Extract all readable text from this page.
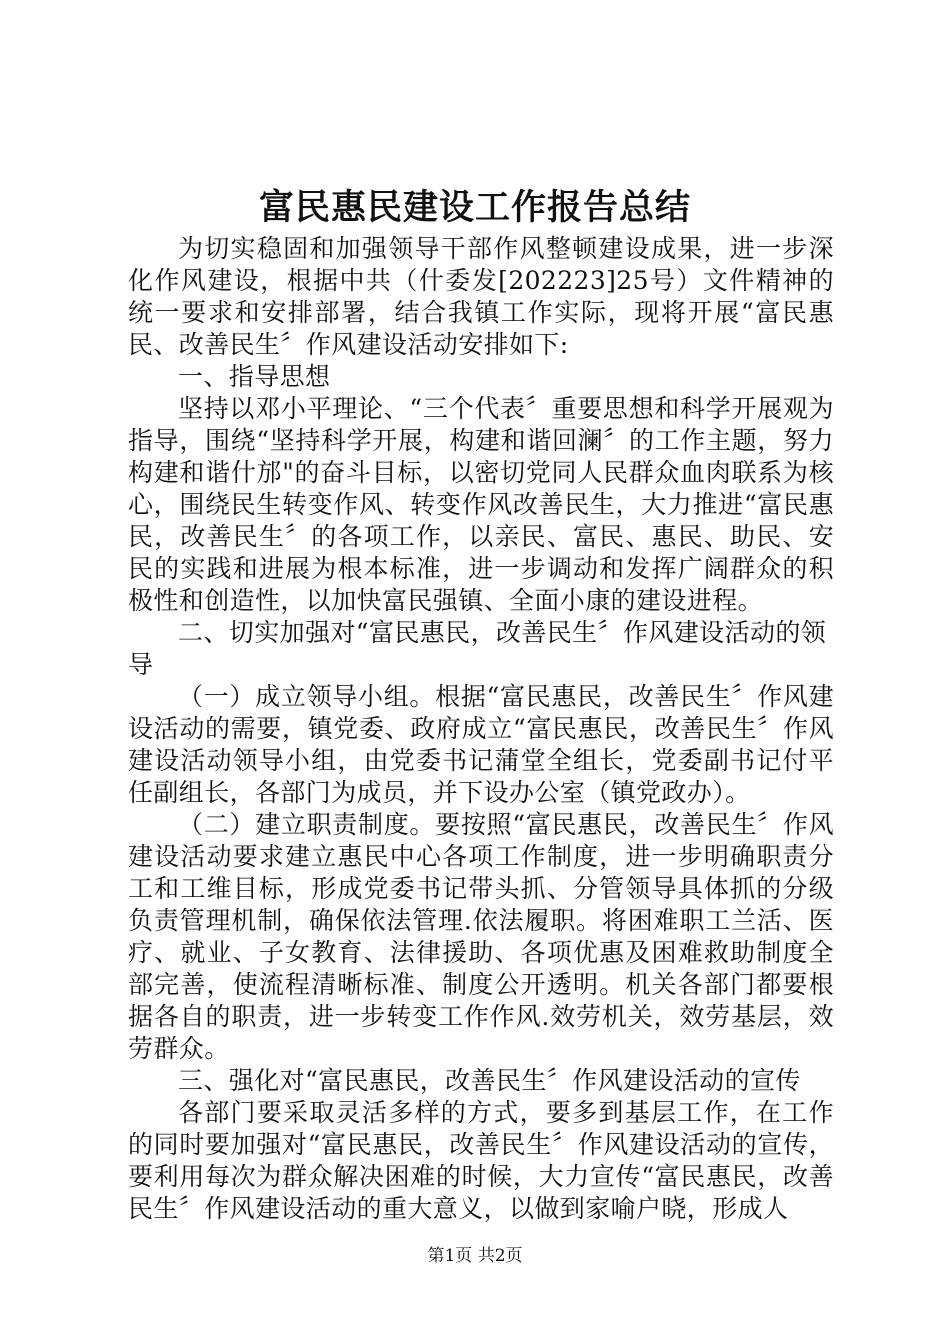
富民惠民建设工作报告总结

为切实稳固和加强领导干部作风整顿建设成果，进一步深化作风建设，根据中共（什委发[202223]25号）文件精神的统一要求和安排部署，结合我镇工作实际，现将开展“富民惠民、改善民生〞作风建设活动安排如下:

一、指导思想

坚持以邓小平理论、“三个代表〞重要思想和科学开展观为指导，围绕“坚持科学开展，构建和谐回澜〞的工作主题，努力构建和谐什邡"的奋斗目标，以密切党同人民群众血肉联系为核心，围绕民生转变作风、转变作风改善民生，大力推进“富民惠民，改善民生〞的各项工作，以亲民、富民、惠民、助民、安民的实践和进展为根本标准，进一步调动和发挥广阔群众的积极性和创造性，以加快富民强镇、全面小康的建设进程。

二、切实加强对“富民惠民，改善民生〞作风建设活动的领导

（一）成立领导小组。根据“富民惠民，改善民生〞作风建设活动的需要，镇党委、政府成立“富民惠民，改善民生〞作风建设活动领导小组，由党委书记蒲堂全组长，党委副书记付平任副组长，各部门为成员，并下设办公室（镇党政办）。

（二）建立职责制度。要按照“富民惠民，改善民生〞作风建设活动要求建立惠民中心各项工作制度，进一步明确职责分工和工维目标，形成党委书记带头抓、分管领导具体抓的分级负责管理机制，确保依法管理.依法履职。将困难职工兰活、医疗、就业、子女教育、法律援助、各项优惠及困难救助制度全部完善，使流程清晰标准、制度公开透明。机关各部门都要根据各自的职责，进一步转变工作作风.效劳机关，效劳基层，效劳群众。

三、强化对“富民惠民，改善民生〞作风建设活动的宣传

各部门要采取灵活多样的方式，要多到基层工作，在工作的同时要加强对“富民惠民，改善民生〞作风建设活动的宣传，要利用每次为群众解决困难的时候，大力宣传“富民惠民，改善民生〞作风建设活动的重大意义，以做到家喻户晓，形成人

第1页 共2页
